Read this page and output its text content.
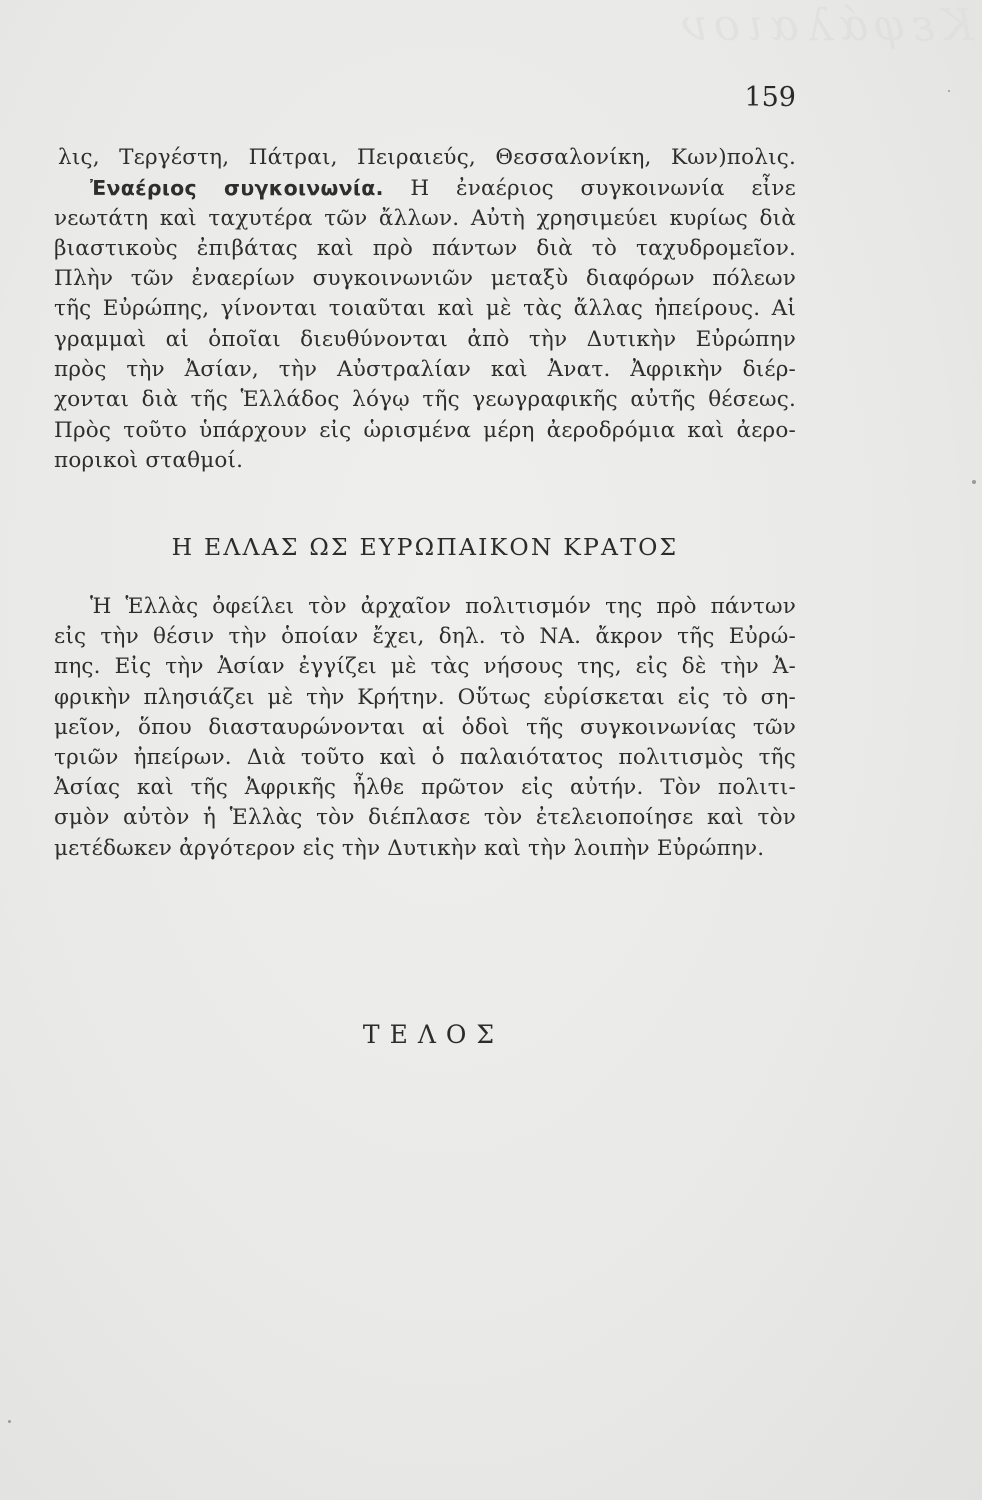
Κεφάλαιον
159
λις, Τεργέστη, Πάτραι, Πειραιεύς, Θεσσαλονίκη, Κων)πολις.
Ἐναέριος συγκοινωνία. Η ἐναέριος συγκοινωνία εἶνε
νεωτάτη καὶ ταχυτέρα τῶν ἄλλων. Αὐτὴ χρησιμεύει κυρίως διὰ
βιαστικοὺς ἐπιβάτας καὶ πρὸ πάντων διὰ τὸ ταχυδρομεῖον.
Πλὴν τῶν ἐναερίων συγκοινωνιῶν μεταξὺ διαφόρων πόλεων
τῆς Εὐρώπης, γίνονται τοιαῦται καὶ μὲ τὰς ἄλλας ἠπείρους. Αἱ
γραμμαὶ αἱ ὁποῖαι διευθύνονται ἀπὸ τὴν Δυτικὴν Εὐρώπην
πρὸς τὴν Ἀσίαν, τὴν Αὐστραλίαν καὶ Ἀνατ. Ἀφρικὴν διέρ-
χονται διὰ τῆς Ἑλλάδος λόγῳ τῆς γεωγραφικῆς αὐτῆς θέσεως.
Πρὸς τοῦτο ὑπάρχουν εἰς ὡρισμένα μέρη ἀεροδρόμια καὶ ἀερο-
πορικοὶ σταθμοί.
Η ΕΛΛΑΣ ΩΣ ΕΥΡΩΠΑΙΚΟΝ ΚΡΑΤΟΣ
Ἡ Ἑλλὰς ὀφείλει τὸν ἀρχαῖον πολιτισμόν της πρὸ πάντων
εἰς τὴν θέσιν τὴν ὁποίαν ἔχει, δηλ. τὸ ΝΑ. ἄκρον τῆς Εὐρώ-
πης. Εἰς τὴν Ἀσίαν ἐγγίζει μὲ τὰς νήσους της, εἰς δὲ τὴν Ἀ-
φρικὴν πλησιάζει μὲ τὴν Κρήτην. Οὕτως εὑρίσκεται εἰς τὸ ση-
μεῖον, ὅπου διασταυρώνονται αἱ ὁδοὶ τῆς συγκοινωνίας τῶν
τριῶν ἠπείρων. Διὰ τοῦτο καὶ ὁ παλαιότατος πολιτισμὸς τῆς
Ἀσίας καὶ τῆς Ἀφρικῆς ἦλθε πρῶτον εἰς αὐτήν. Τὸν πολιτι-
σμὸν αὐτὸν ἡ Ἑλλὰς τὸν διέπλασε τὸν ἐτελειοποίησε καὶ τὸν
μετέδωκεν ἀργότερον εἰς τὴν Δυτικὴν καὶ τὴν λοιπὴν Εὐρώπην.
ΤΕΛΟΣ
